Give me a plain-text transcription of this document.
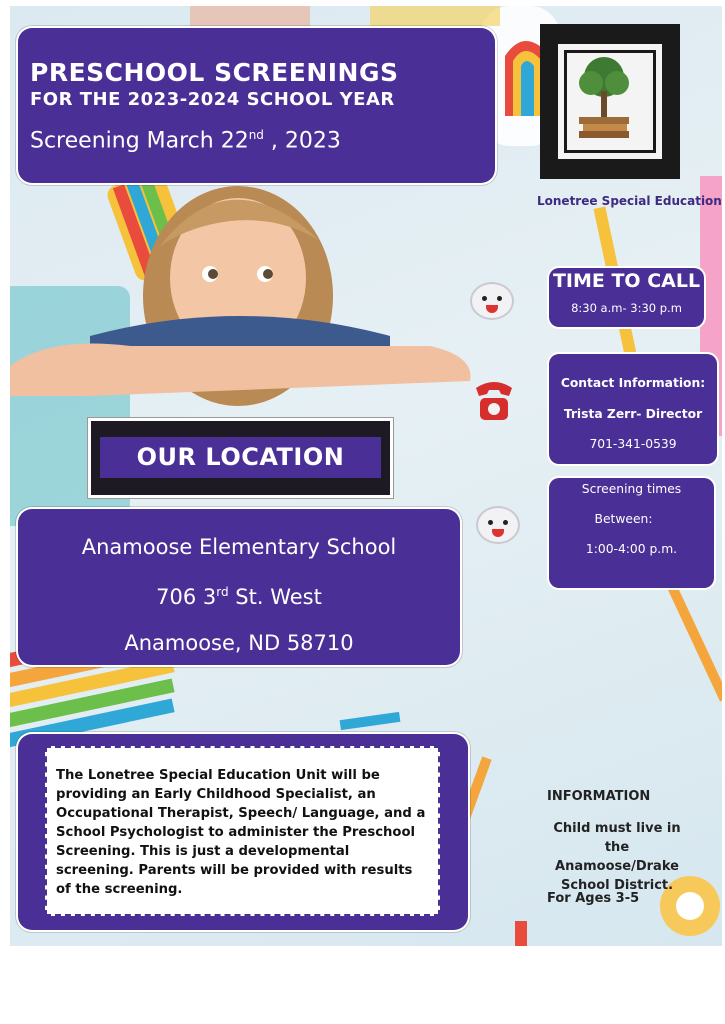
PRESCHOOL SCREENINGS
FOR THE 2023-2024 SCHOOL YEAR
Screening March 22nd , 2023
Lonetree Special Education
TIME TO CALL
8:30 a.m- 3:30 p.m
Contact Information:
Trista Zerr- Director
701-341-0539
Screening times
Between:
1:00-4:00 p.m.
OUR LOCATION
Anamoose Elementary School
706 3rd St. West
Anamoose, ND 58710
The Lonetree Special Education Unit will be providing an Early Childhood Specialist, an Occupational Therapist, Speech/ Language, and a School Psychologist to administer the Preschool Screening. This is just a developmental screening. Parents will be provided with results of the screening.
INFORMATION
Child must live in the Anamoose/Drake School District.
For Ages 3-5
